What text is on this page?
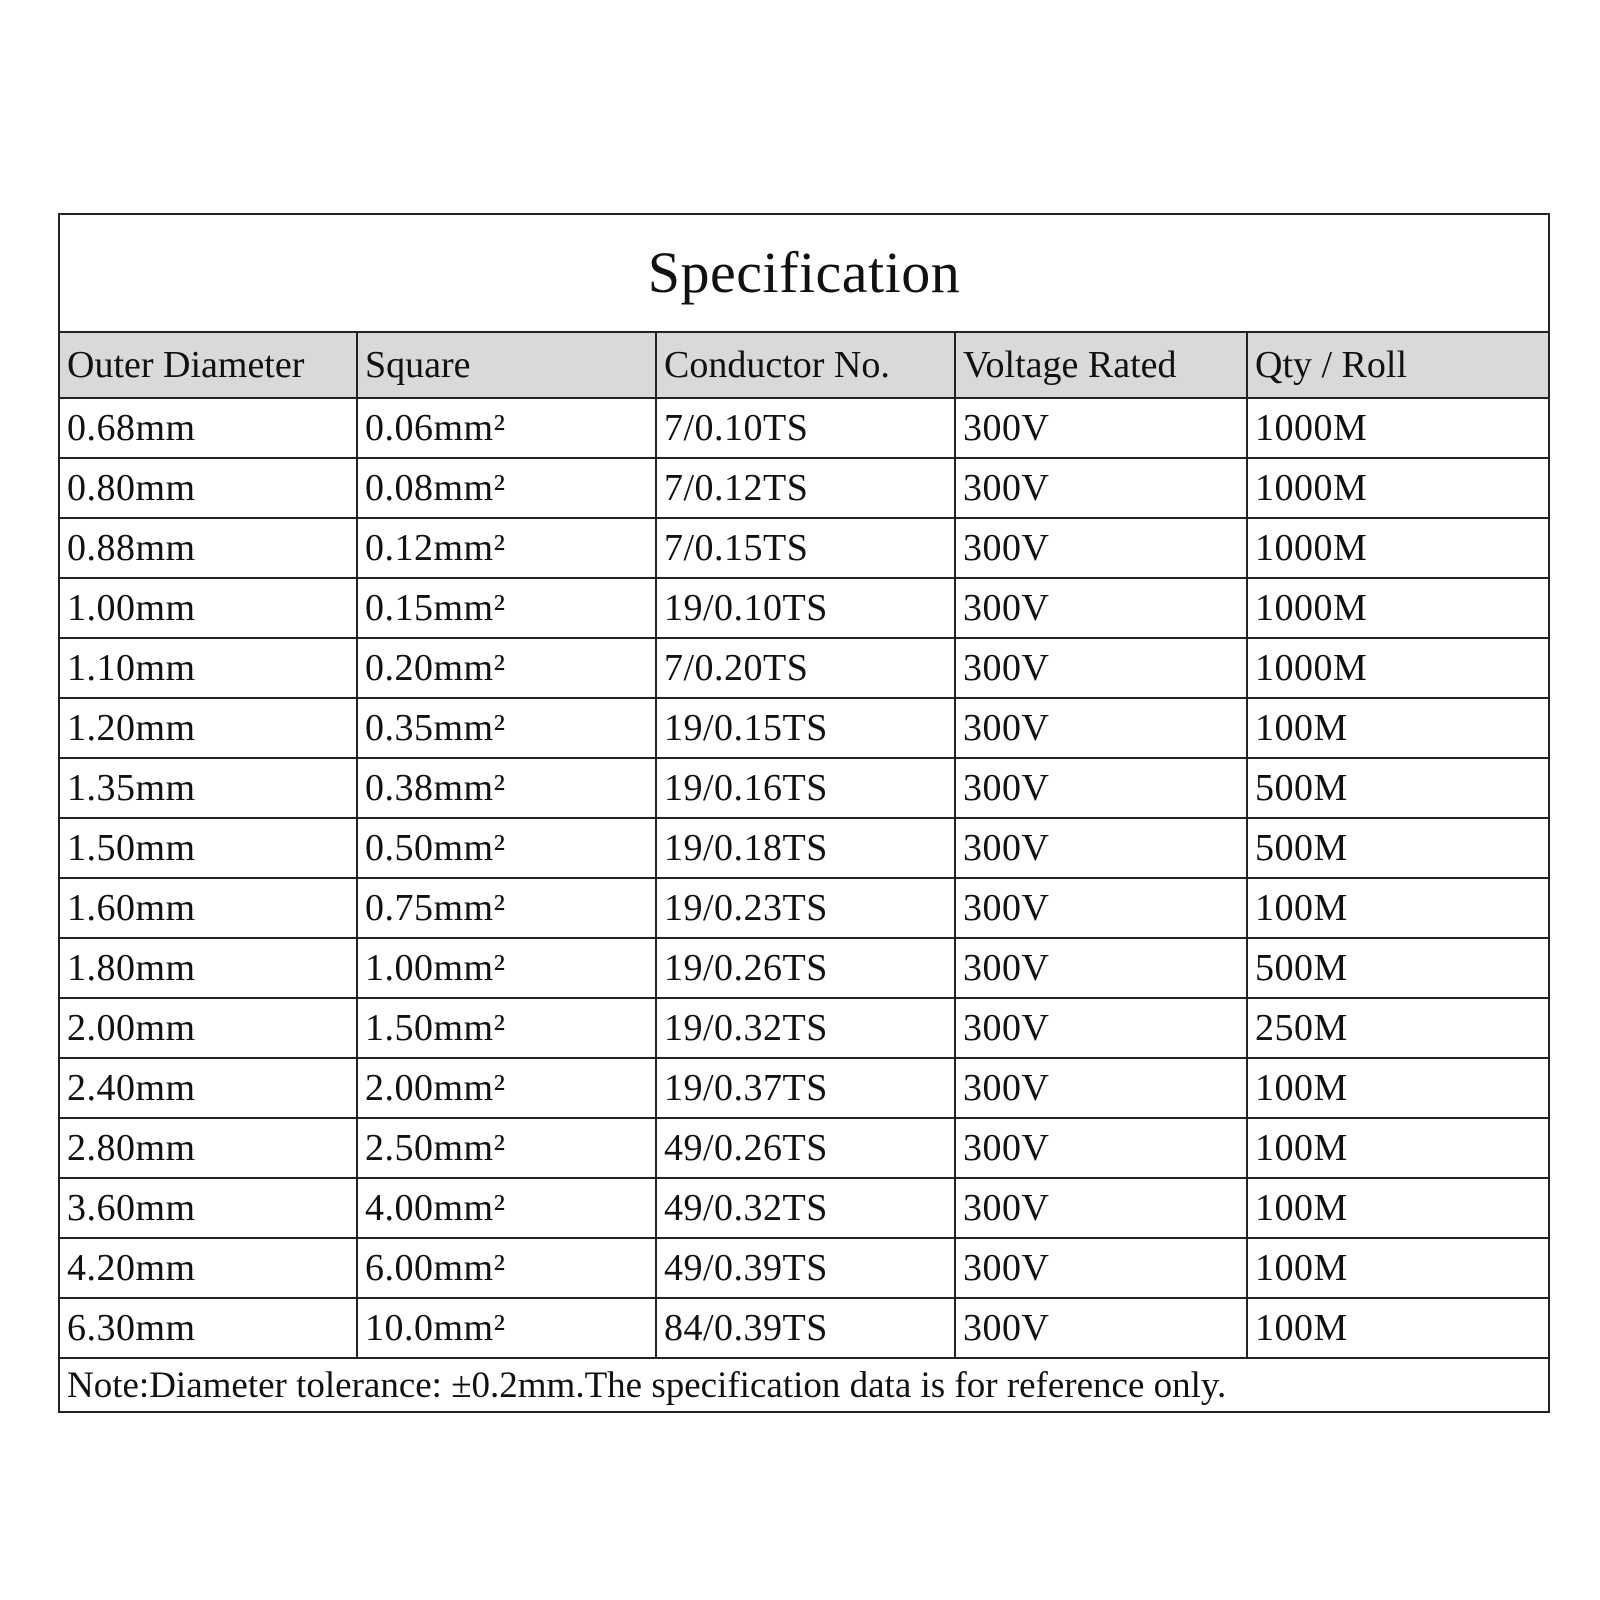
Specification				
Outer Diameter	Square	Conductor No.	Voltage Rated	Qty / Roll
0.68mm	0.06mm²	7/0.10TS	300V	1000M
0.80mm	0.08mm²	7/0.12TS	300V	1000M
0.88mm	0.12mm²	7/0.15TS	300V	1000M
1.00mm	0.15mm²	19/0.10TS	300V	1000M
1.10mm	0.20mm²	7/0.20TS	300V	1000M
1.20mm	0.35mm²	19/0.15TS	300V	100M
1.35mm	0.38mm²	19/0.16TS	300V	500M
1.50mm	0.50mm²	19/0.18TS	300V	500M
1.60mm	0.75mm²	19/0.23TS	300V	100M
1.80mm	1.00mm²	19/0.26TS	300V	500M
2.00mm	1.50mm²	19/0.32TS	300V	250M
2.40mm	2.00mm²	19/0.37TS	300V	100M
2.80mm	2.50mm²	49/0.26TS	300V	100M
3.60mm	4.00mm²	49/0.32TS	300V	100M
4.20mm	6.00mm²	49/0.39TS	300V	100M
6.30mm	10.0mm²	84/0.39TS	300V	100M
Note:Diameter tolerance: ±0.2mm.The specification data is for reference only.				
